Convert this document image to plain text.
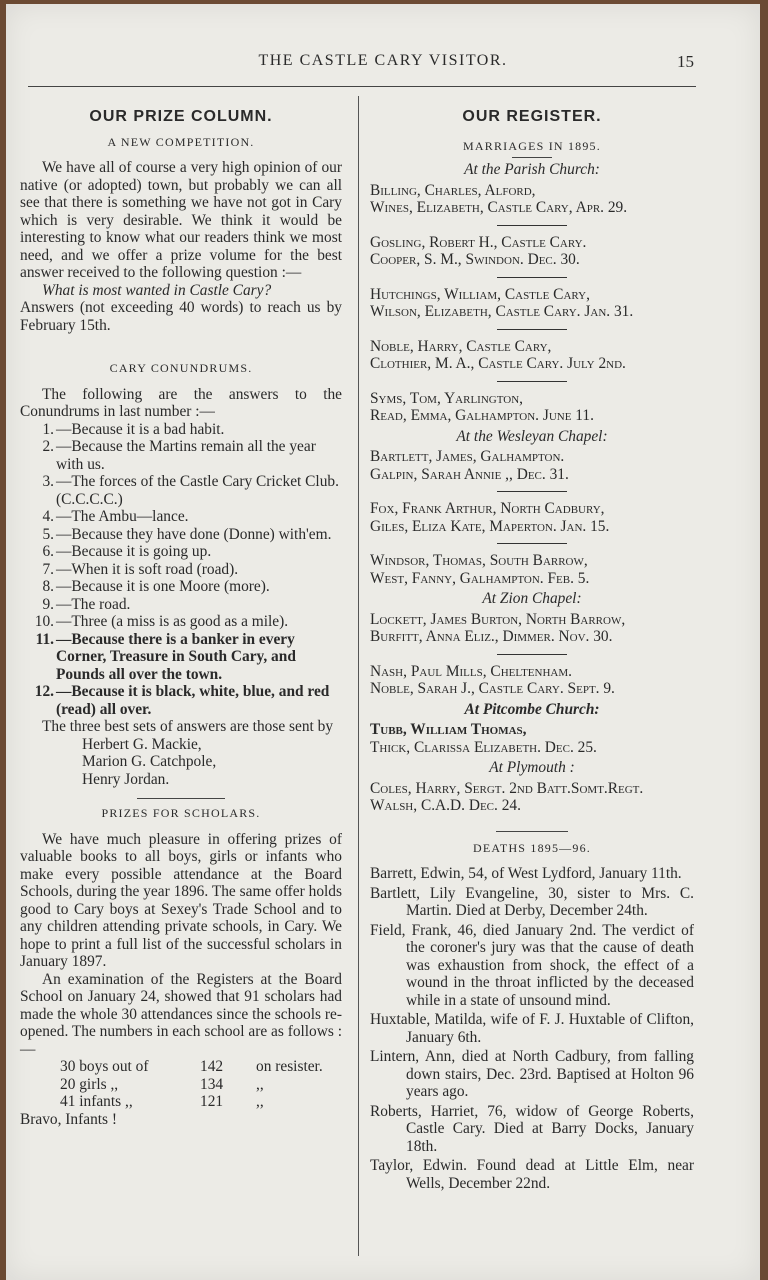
THE CASTLE CARY VISITOR.	15
OUR PRIZE COLUMN.
A NEW COMPETITION.

We have all of course a very high opinion of our native (or adopted) town, but probably we can all see that there is something we have not got in Cary which is very desirable. We think it would be interesting to know what our readers think we most need, and we offer a prize volume for the best answer received to the following question :—

What is most wanted in Castle Cary?

Answers (not exceeding 40 words) to reach us by February 15th.

CARY CONUNDRUMS.

The following are the answers to the Conundrums in last number :—

1. —Because it is a bad habit.
2. —Because the Martins remain all the year with us.
3. —The forces of the Castle Cary Cricket Club. (C.C.C.C.)
4. —The Ambu—lance.
5. —Because they have done (Donne) with'em.
6. —Because it is going up.
7. —When it is soft road (road).
8. —Because it is one Moore (more).
9. —The road.
10. —Three (a miss is as good as a mile).
11. —Because there is a banker in every Corner, Treasure in South Cary, and Pounds all over the town.
12. —Because it is black, white, blue, and red (read) all over.

The three best sets of answers are those sent by

Herbert G. Mackie,
Marion G. Catchpole,
Henry Jordan.
PRIZES FOR SCHOLARS.

We have much pleasure in offering prizes of valuable books to all boys, girls or infants who make every possible attendance at the Board Schools, during the year 1896. The same offer holds good to Cary boys at Sexey's Trade School and to any children attending private schools, in Cary. We hope to print a full list of the successful scholars in January 1897.

An examination of the Registers at the Board School on January 24, showed that 91 scholars had made the whole 30 attendances since the schools re-opened. The numbers in each school are as follows :—

30 boys out of	142	on resister.
20 girls ,,	134	,,
41 infants ,,	121	,,

Bravo, Infants !

OUR REGISTER.
MARRIAGES IN 1895.
At the Parish Church:
Billing, Charles, Alford,
Wines, Elizabeth, Castle Cary, Apr. 29.
Gosling, Robert H., Castle Cary.
Cooper, S. M., Swindon. Dec. 30.
Hutchings, William, Castle Cary,
Wilson, Elizabeth, Castle Cary. Jan. 31.
Noble, Harry, Castle Cary,
Clothier, M. A., Castle Cary. July 2nd.
Syms, Tom, Yarlington,
Read, Emma, Galhampton. June 11.
At the Wesleyan Chapel:
Bartlett, James, Galhampton.
Galpin, Sarah Annie ,, Dec. 31.
Fox, Frank Arthur, North Cadbury,
Giles, Eliza Kate, Maperton. Jan. 15.
Windsor, Thomas, South Barrow,
West, Fanny, Galhampton. Feb. 5.
At Zion Chapel:
Lockett, James Burton, North Barrow,
Burfitt, Anna Eliz., Dimmer. Nov. 30.
Nash, Paul Mills, Cheltenham.
Noble, Sarah J., Castle Cary. Sept. 9.
At Pitcombe Church:
Tubb, William Thomas,
Thick, Clarissa Elizabeth. Dec. 25.
At Plymouth :
Coles, Harry, Sergt. 2nd Batt.Somt.Regt.
Walsh, C.A.D. Dec. 24.
DEATHS 1895—96.

Barrett, Edwin, 54, of West Lydford, January 11th.

Bartlett, Lily Evangeline, 30, sister to Mrs. C. Martin. Died at Derby, December 24th.

Field, Frank, 46, died January 2nd. The verdict of the coroner's jury was that the cause of death was exhaustion from shock, the effect of a wound in the throat inflicted by the deceased while in a state of unsound mind.

Huxtable, Matilda, wife of F. J. Huxtable of Clifton, January 6th.

Lintern, Ann, died at North Cadbury, from falling down stairs, Dec. 23rd. Baptised at Holton 96 years ago.

Roberts, Harriet, 76, widow of George Roberts, Castle Cary. Died at Barry Docks, January 18th.

Taylor, Edwin. Found dead at Little Elm, near Wells, December 22nd.
